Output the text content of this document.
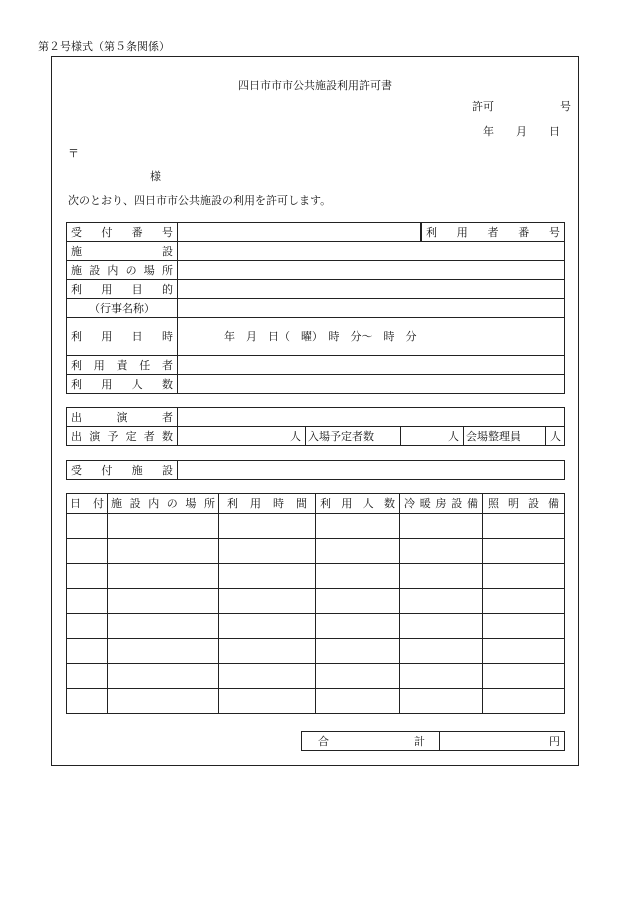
第２号様式（第５条関係）
四日市市市公共施設利用許可書
許可　　　　　　号
年　　月　　日
〒
様
次のとおり、四日市市公共施設の利用を許可します。
受付番号		利用者番号
施設		
施設内の場所		
利用目的		
（行事名称）		
利用日時	年　月　日（　曜）　時　分〜　時　分	
利用責任者		
利用人数		
出演者					
出演予定者数	人	入場予定者数	人	会場整理員	人
受付施設	
日付	施設内の場所	利用時間	利用人数	冷暖房設備	照明設備

合計	円
